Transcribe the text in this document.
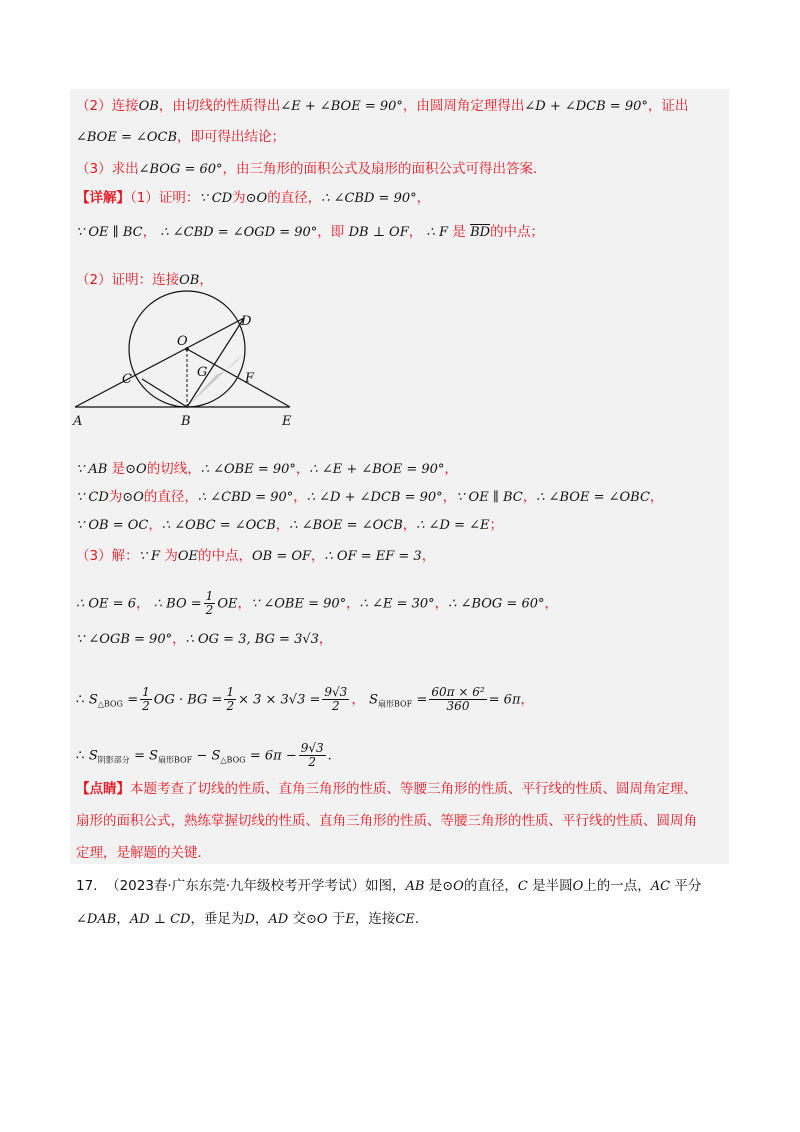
（2）连接OB，由切线的性质得出∠E + ∠BOE = 90°，由圆周角定理得出∠D + ∠DCB = 90°，证出
∠BOE = ∠OCB，即可得出结论；
（3）求出∠BOG = 60°，由三角形的面积公式及扇形的面积公式可得出答案.
【详解】（1）证明：∵ CD为⊙O的直径，∴ ∠CBD = 90°，
∵ OE ∥ BC， ∴ ∠CBD = ∠OGD = 90°，即 DB ⊥ OF， ∴ F 是 $\overline{BD}$的中点；
（2）证明：连接OB，
O
D
C	G	F
A	B	E
∵ AB 是⊙O的切线，∴ ∠OBE = 90°，∴ ∠E + ∠BOE = 90°，
∵ CD为⊙O的直径，∴ ∠CBD = 90°，∴ ∠D + ∠DCB = 90°，∵ OE ∥ BC，∴ ∠BOE = ∠OBC，
∵ OB = OC，∴ ∠OBC = ∠OCB，∴ ∠BOE = ∠OCB，∴ ∠D = ∠E；
（3）解：∵ F 为OE的中点，OB = OF，∴ OF = EF = 3，
∴ OE = 6， ∴ BO = $\frac{1}{2}$ OE，∵ ∠OBE = 90°，∴ ∠E = 30°，∴ ∠BOG = 60°，
∵ ∠OGB = 90°，∴ OG = 3, BG = 3√3，
∴ $S_{\triangle BOG} = \frac{1}{2}$ OG · BG = $\frac{1}{2} \times 3 \times 3√3 = \frac{9√3}{2}$ ， $S_{扇形BOF} = \frac{\text{60π × 6²}}{360} = 6\pi$，
∴ $S_{阴影部分} = S_{扇形BOF} - S_{\triangle BOG} = 6\pi - \frac{9√3}{2}$ .
【点睛】本题考查了切线的性质、直角三角形的性质、等腰三角形的性质、平行线的性质、圆周角定理、
扇形的面积公式，熟练掌握切线的性质、直角三角形的性质、等腰三角形的性质、平行线的性质、圆周角
定理，是解题的关键.
17. （2023春·广东东莞·九年级校考开学考试）如图，AB 是⊙O的直径，C 是半圆O上的一点，AC 平分
∠DAB，AD ⊥ CD，垂足为D，AD 交⊙O 于E，连接CE.
